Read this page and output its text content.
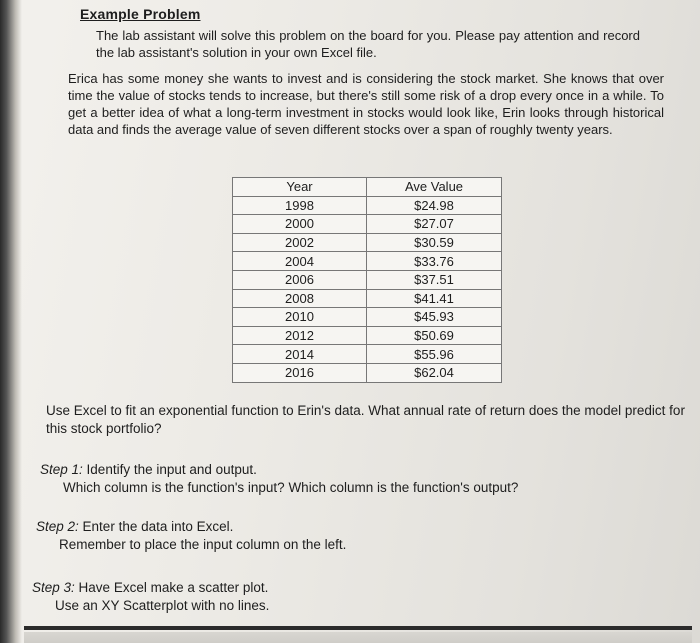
Example Problem

The lab assistant will solve this problem on the board for you. Please pay attention and record the lab assistant's solution in your own Excel file.

Erica has some money she wants to invest and is considering the stock market. She knows that over time the value of stocks tends to increase, but there's still some risk of a drop every once in a while. To get a better idea of what a long-term investment in stocks would look like, Erin looks through historical data and finds the average value of seven different stocks over a span of roughly twenty years.

Year	Ave Value
1998	$24.98
2000	$27.07
2002	$30.59
2004	$33.76
2006	$37.51
2008	$41.41
2010	$45.93
2012	$50.69
2014	$55.96
2016	$62.04

Use Excel to fit an exponential function to Erin's data. What annual rate of return does the model predict for this stock portfolio?

Step 1: Identify the input and output.
Which column is the function's input? Which column is the function's output?
Step 2: Enter the data into Excel.
Remember to place the input column on the left.
Step 3: Have Excel make a scatter plot.
Use an XY Scatterplot with no lines.
